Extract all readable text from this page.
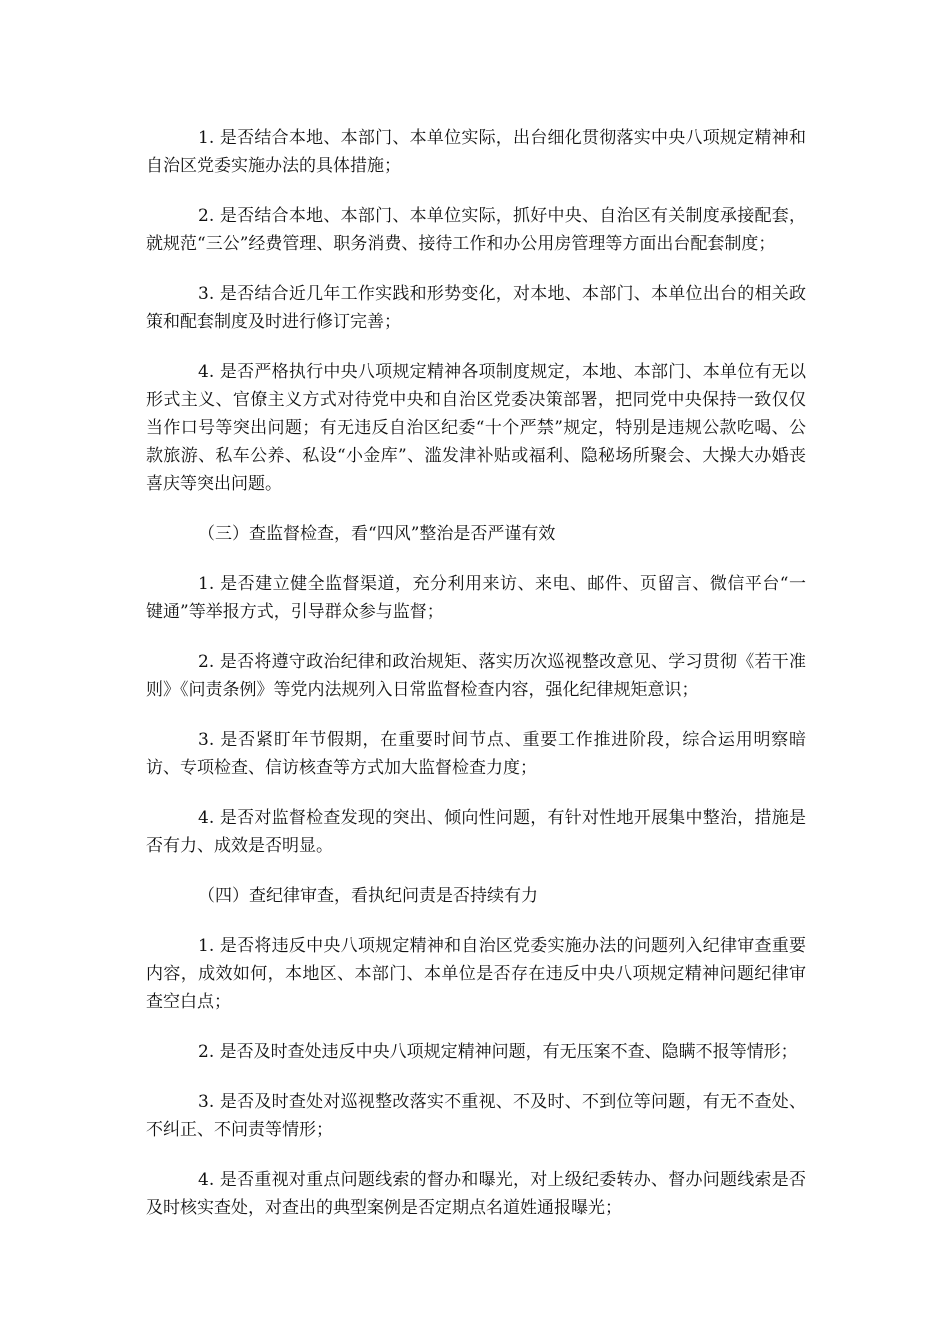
1. 是否结合本地、本部门、本单位实际，出台细化贯彻落实中央八项规定精神和自治区党委实施办法的具体措施；

2. 是否结合本地、本部门、本单位实际，抓好中央、自治区有关制度承接配套，就规范“三公”经费管理、职务消费、接待工作和办公用房管理等方面出台配套制度；

3. 是否结合近几年工作实践和形势变化，对本地、本部门、本单位出台的相关政策和配套制度及时进行修订完善；

4. 是否严格执行中央八项规定精神各项制度规定，本地、本部门、本单位有无以形式主义、官僚主义方式对待党中央和自治区党委决策部署，把同党中央保持一致仅仅当作口号等突出问题；有无违反自治区纪委“十个严禁”规定，特别是违规公款吃喝、公款旅游、私车公养、私设“小金库”、滥发津补贴或福利、隐秘场所聚会、大操大办婚丧喜庆等突出问题。

（三）查监督检查，看“四风”整治是否严谨有效

1. 是否建立健全监督渠道，充分利用来访、来电、邮件、页留言、微信平台“一键通”等举报方式，引导群众参与监督；

2. 是否将遵守政治纪律和政治规矩、落实历次巡视整改意见、学习贯彻《若干准则》《问责条例》等党内法规列入日常监督检查内容，强化纪律规矩意识；

3. 是否紧盯年节假期，在重要时间节点、重要工作推进阶段，综合运用明察暗访、专项检查、信访核查等方式加大监督检查力度；

4. 是否对监督检查发现的突出、倾向性问题，有针对性地开展集中整治，措施是否有力、成效是否明显。

（四）查纪律审查，看执纪问责是否持续有力

1. 是否将违反中央八项规定精神和自治区党委实施办法的问题列入纪律审查重要内容，成效如何，本地区、本部门、本单位是否存在违反中央八项规定精神问题纪律审查空白点；

2. 是否及时查处违反中央八项规定精神问题，有无压案不查、隐瞒不报等情形；

3. 是否及时查处对巡视整改落实不重视、不及时、不到位等问题，有无不查处、不纠正、不问责等情形；

4. 是否重视对重点问题线索的督办和曝光，对上级纪委转办、督办问题线索是否及时核实查处，对查出的典型案例是否定期点名道姓通报曝光；
